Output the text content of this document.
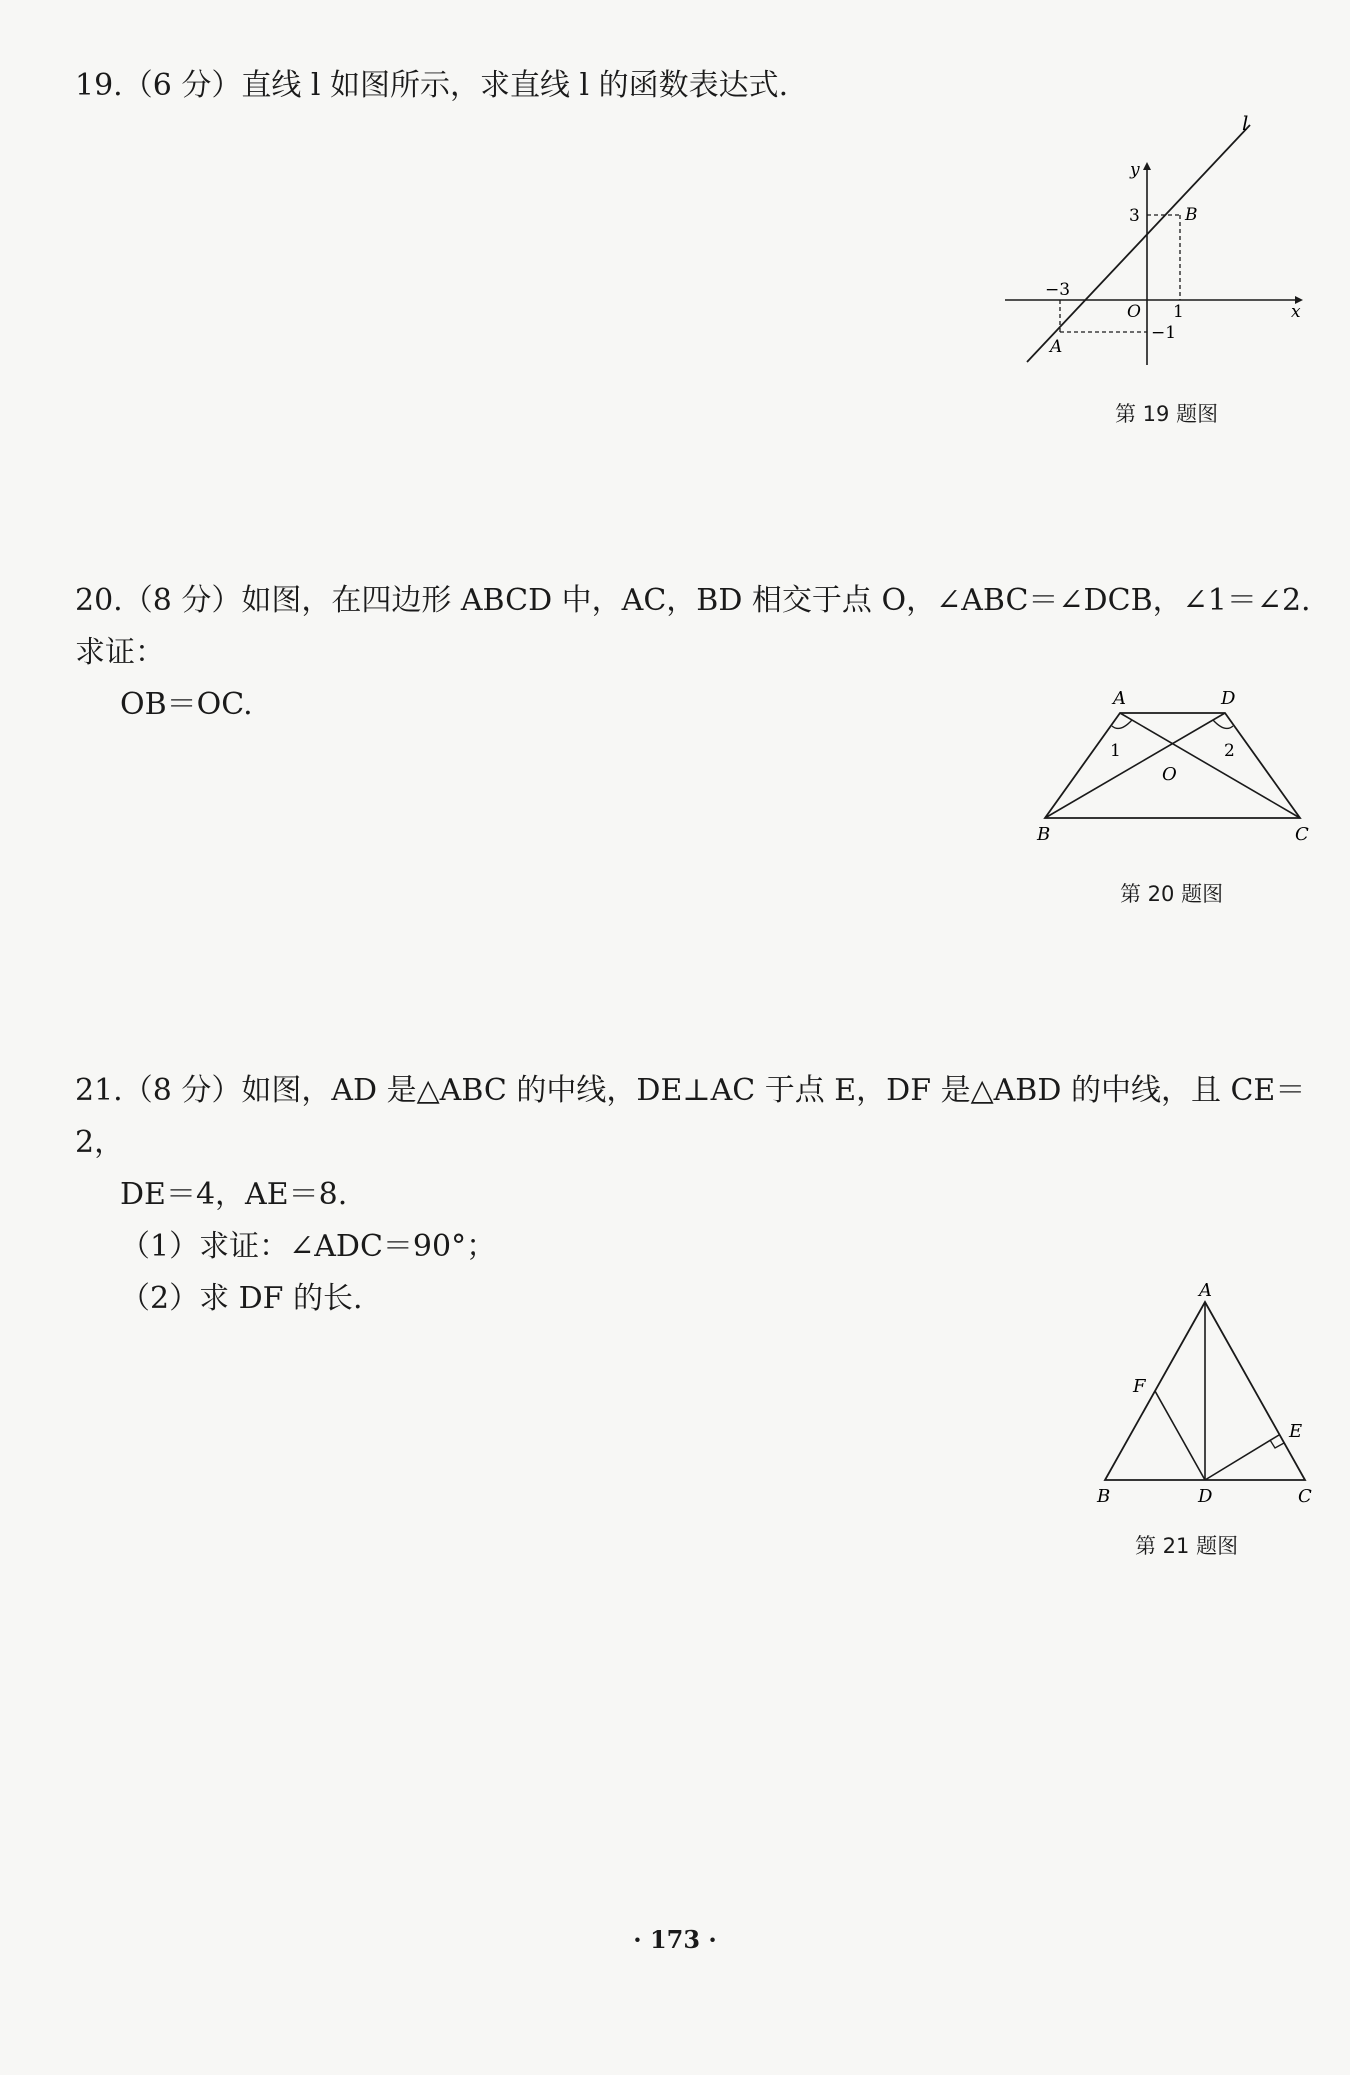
19.（6 分）直线 l 如图所示，求直线 l 的函数表达式.

l
y
x
3
−3
O 1
−1
A
B
第 19 题图

20.（8 分）如图，在四边形 ABCD 中，AC，BD 相交于点 O，∠ABC＝∠DCB，∠1＝∠2. 求证：

OB＝OC.	A	D
B	C
O
1	2
第 20 题图

21.（8 分）如图，AD 是△ABC 的中线，DE⊥AC 于点 E，DF 是△ABD 的中线，且 CE＝2，

DE＝4，AE＝8.

（1）求证：∠ADC＝90°；

（2）求 DF 的长.	A
F
E
B	D	C
第 21 题图
· 173 ·
